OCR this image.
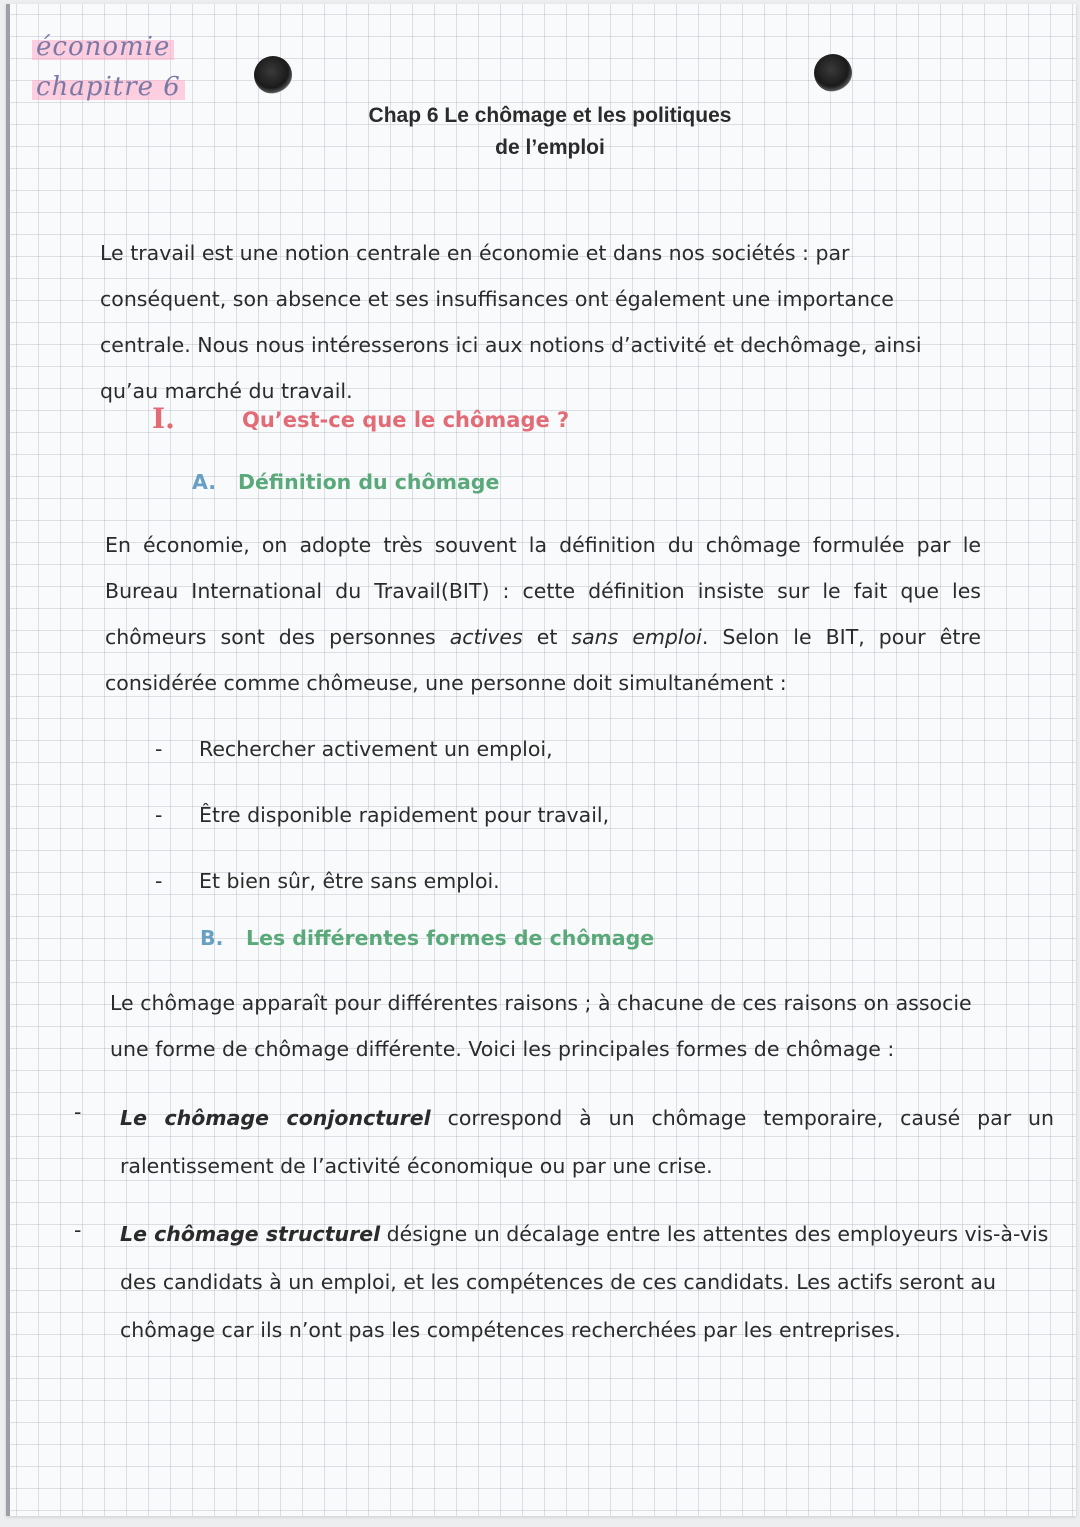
économie
chapitre 6
Chap 6 Le chômage et les politiques
de l’emploi

Le travail est une notion centrale en économie et dans nos sociétés : par conséquent, son absence et ses insuffisances ont également une importance centrale. Nous nous intéresserons ici aux notions d’activité et dechômage, ainsi qu’au marché du travail.

I.	Qu’est-ce que le chômage ?
A. Définition du chômage

En économie, on adopte très souvent la définition du chômage formulée par le Bureau International du Travail(BIT) : cette définition insiste sur le fait que les chômeurs sont des personnes actives et sans emploi. Selon le BIT, pour être considérée comme chômeuse, une personne doit simultanément :

- Rechercher activement un emploi,
- Être disponible rapidement pour travail,
- Et bien sûr, être sans emploi.
B. Les différentes formes de chômage

Le chômage apparaît pour différentes raisons ; à chacune de ces raisons on associe une forme de chômage différente. Voici les principales formes de chômage :

- Le chômage conjoncturel correspond à un chômage temporaire, causé par un ralentissement de l’activité économique ou par une crise.

- Le chômage structurel désigne un décalage entre les attentes des employeurs vis-à-vis des candidats à un emploi, et les compétences de ces candidats. Les actifs seront au chômage car ils n’ont pas les compétences recherchées par les entreprises.
